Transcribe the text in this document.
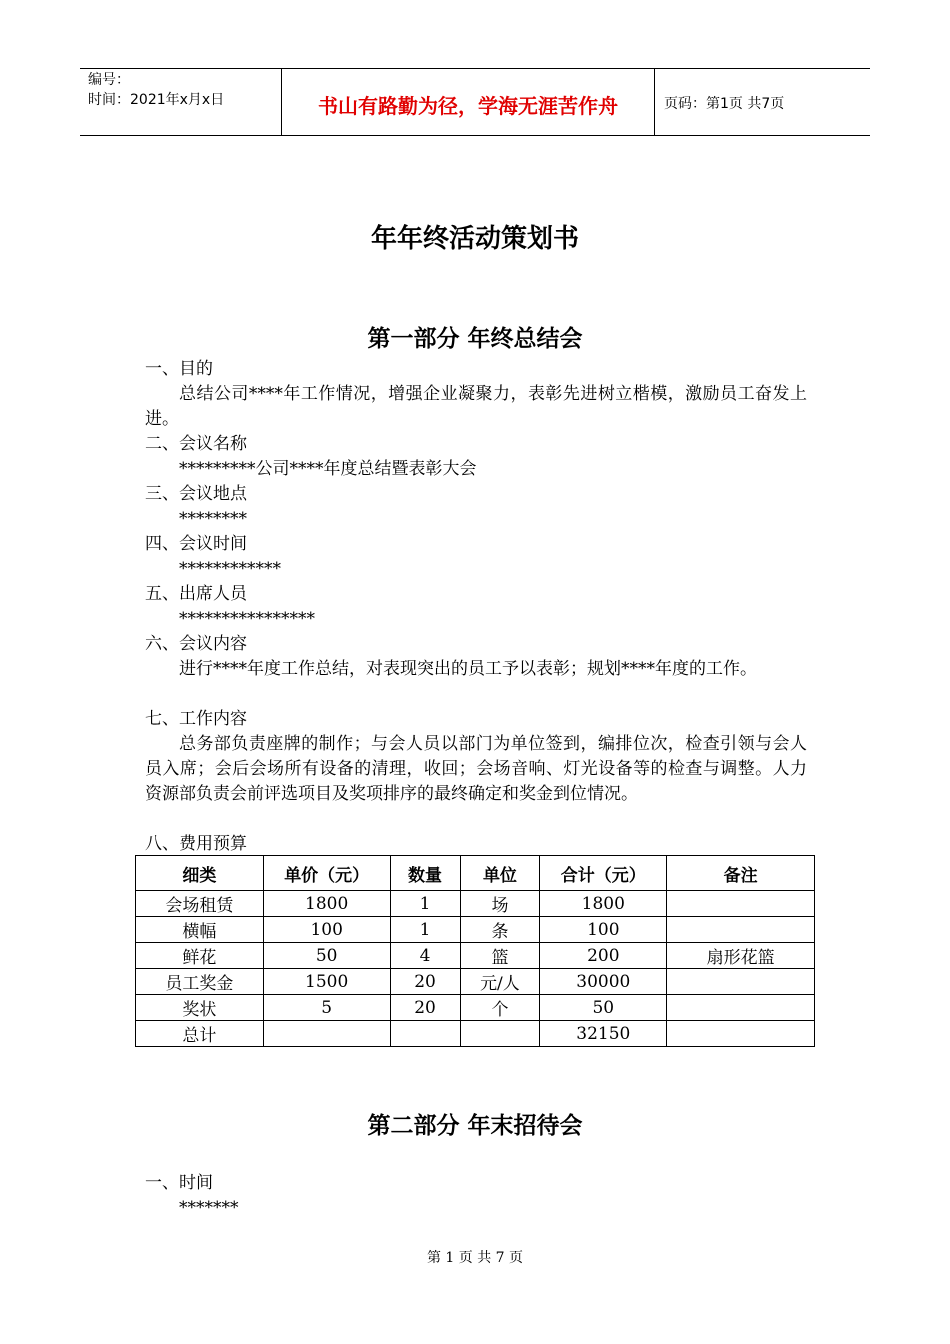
编号：
时间：2021年x月x日	书山有路勤为径，学海无涯苦作舟	页码：第1页 共7页
年年终活动策划书
第一部分 年终总结会
一、目的
总结公司****年工作情况，增强企业凝聚力，表彰先进树立楷模，激励员工奋发上进。
二、会议名称
*********公司****年度总结暨表彰大会
三、会议地点
********
四、会议时间
************
五、出席人员
****************
六、会议内容
进行****年度工作总结，对表现突出的员工予以表彰；规划****年度的工作。
七、工作内容
总务部负责座牌的制作；与会人员以部门为单位签到，编排位次，检查引领与会人员入席；会后会场所有设备的清理，收回；会场音响、灯光设备等的检查与调整。人力资源部负责会前评选项目及奖项排序的最终确定和奖金到位情况。
八、费用预算
细类	单价（元）	数量	单位	合计（元）	备注
会场租赁	1800	1	场	1800	
横幅	100	1	条	100	
鲜花	50	4	篮	200	扇形花篮
员工奖金	1500	20	元/人	30000	
奖状	5	20	个	50	
总计				32150	
第二部分 年末招待会
一、时间
*******
第 1 页 共 7 页
